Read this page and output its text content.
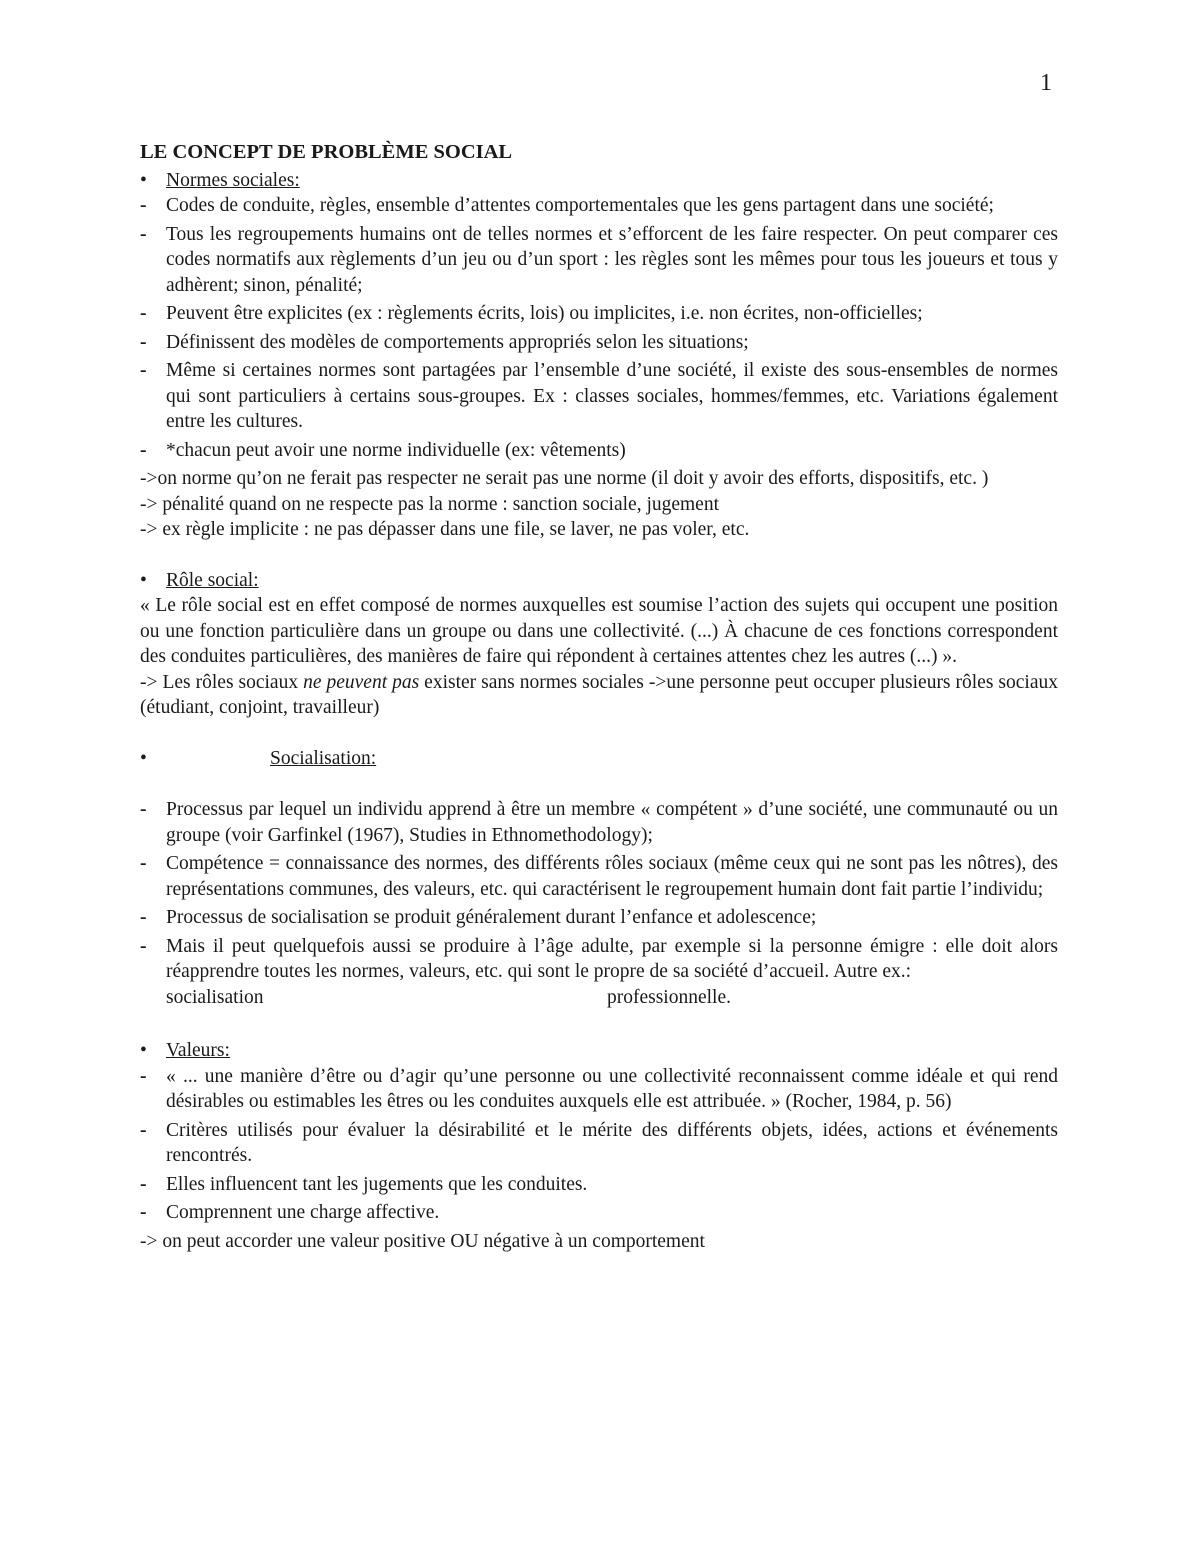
1
LE CONCEPT DE PROBLÈME SOCIAL
• Normes sociales:
- Codes de conduite, règles, ensemble d’attentes comportementales que les gens partagent dans une société;
- Tous les regroupements humains ont de telles normes et s’efforcent de les faire respecter. On peut comparer ces codes normatifs aux règlements d’un jeu ou d’un sport : les règles sont les mêmes pour tous les joueurs et tous y adhèrent; sinon, pénalité;
- Peuvent être explicites (ex : règlements écrits, lois) ou implicites, i.e. non écrites, non-officielles;
- Définissent des modèles de comportements appropriés selon les situations;
- Même si certaines normes sont partagées par l’ensemble d’une société, il existe des sous-ensembles de normes qui sont particuliers à certains sous-groupes. Ex : classes sociales, hommes/femmes, etc. Variations également entre les cultures.
- *chacun peut avoir une norme individuelle (ex: vêtements)
->on norme qu’on ne ferait pas respecter ne serait pas une norme (il doit y avoir des efforts, dispositifs, etc. )
-> pénalité quand on ne respecte pas la norme : sanction sociale, jugement
-> ex règle implicite : ne pas dépasser dans une file, se laver, ne pas voler, etc.
• Rôle social:
« Le rôle social est en effet composé de normes auxquelles est soumise l’action des sujets qui occupent une position ou une fonction particulière dans un groupe ou dans une collectivité. (...) À chacune de ces fonctions correspondent des conduites particulières, des manières de faire qui répondent à certaines attentes chez les autres (...) ».
-> Les rôles sociaux ne peuvent pas exister sans normes sociales ->une personne peut occuper plusieurs rôles sociaux (étudiant, conjoint, travailleur)
•	Socialisation:
- Processus par lequel un individu apprend à être un membre « compétent » d’une société, une communauté ou un groupe (voir Garfinkel (1967), Studies in Ethnomethodology);
- Compétence = connaissance des normes, des différents rôles sociaux (même ceux qui ne sont pas les nôtres), des représentations communes, des valeurs, etc. qui caractérisent le regroupement humain dont fait partie l’individu;
- Processus de socialisation se produit généralement durant l’enfance et adolescence;
- Mais il peut quelquefois aussi se produire à l’âge adulte, par exemple si la personne émigre : elle doit alors réapprendre toutes les normes, valeurs, etc. qui sont le propre de sa société d’accueil. Autre ex.:
socialisation	professionnelle.
• Valeurs:
- « ... une manière d’être ou d’agir qu’une personne ou une collectivité reconnaissent comme idéale et qui rend désirables ou estimables les êtres ou les conduites auxquels elle est attribuée. » (Rocher, 1984, p. 56)
- Critères utilisés pour évaluer la désirabilité et le mérite des différents objets, idées, actions et événements rencontrés.
- Elles influencent tant les jugements que les conduites.
- Comprennent une charge affective.
-> on peut accorder une valeur positive OU négative à un comportement
